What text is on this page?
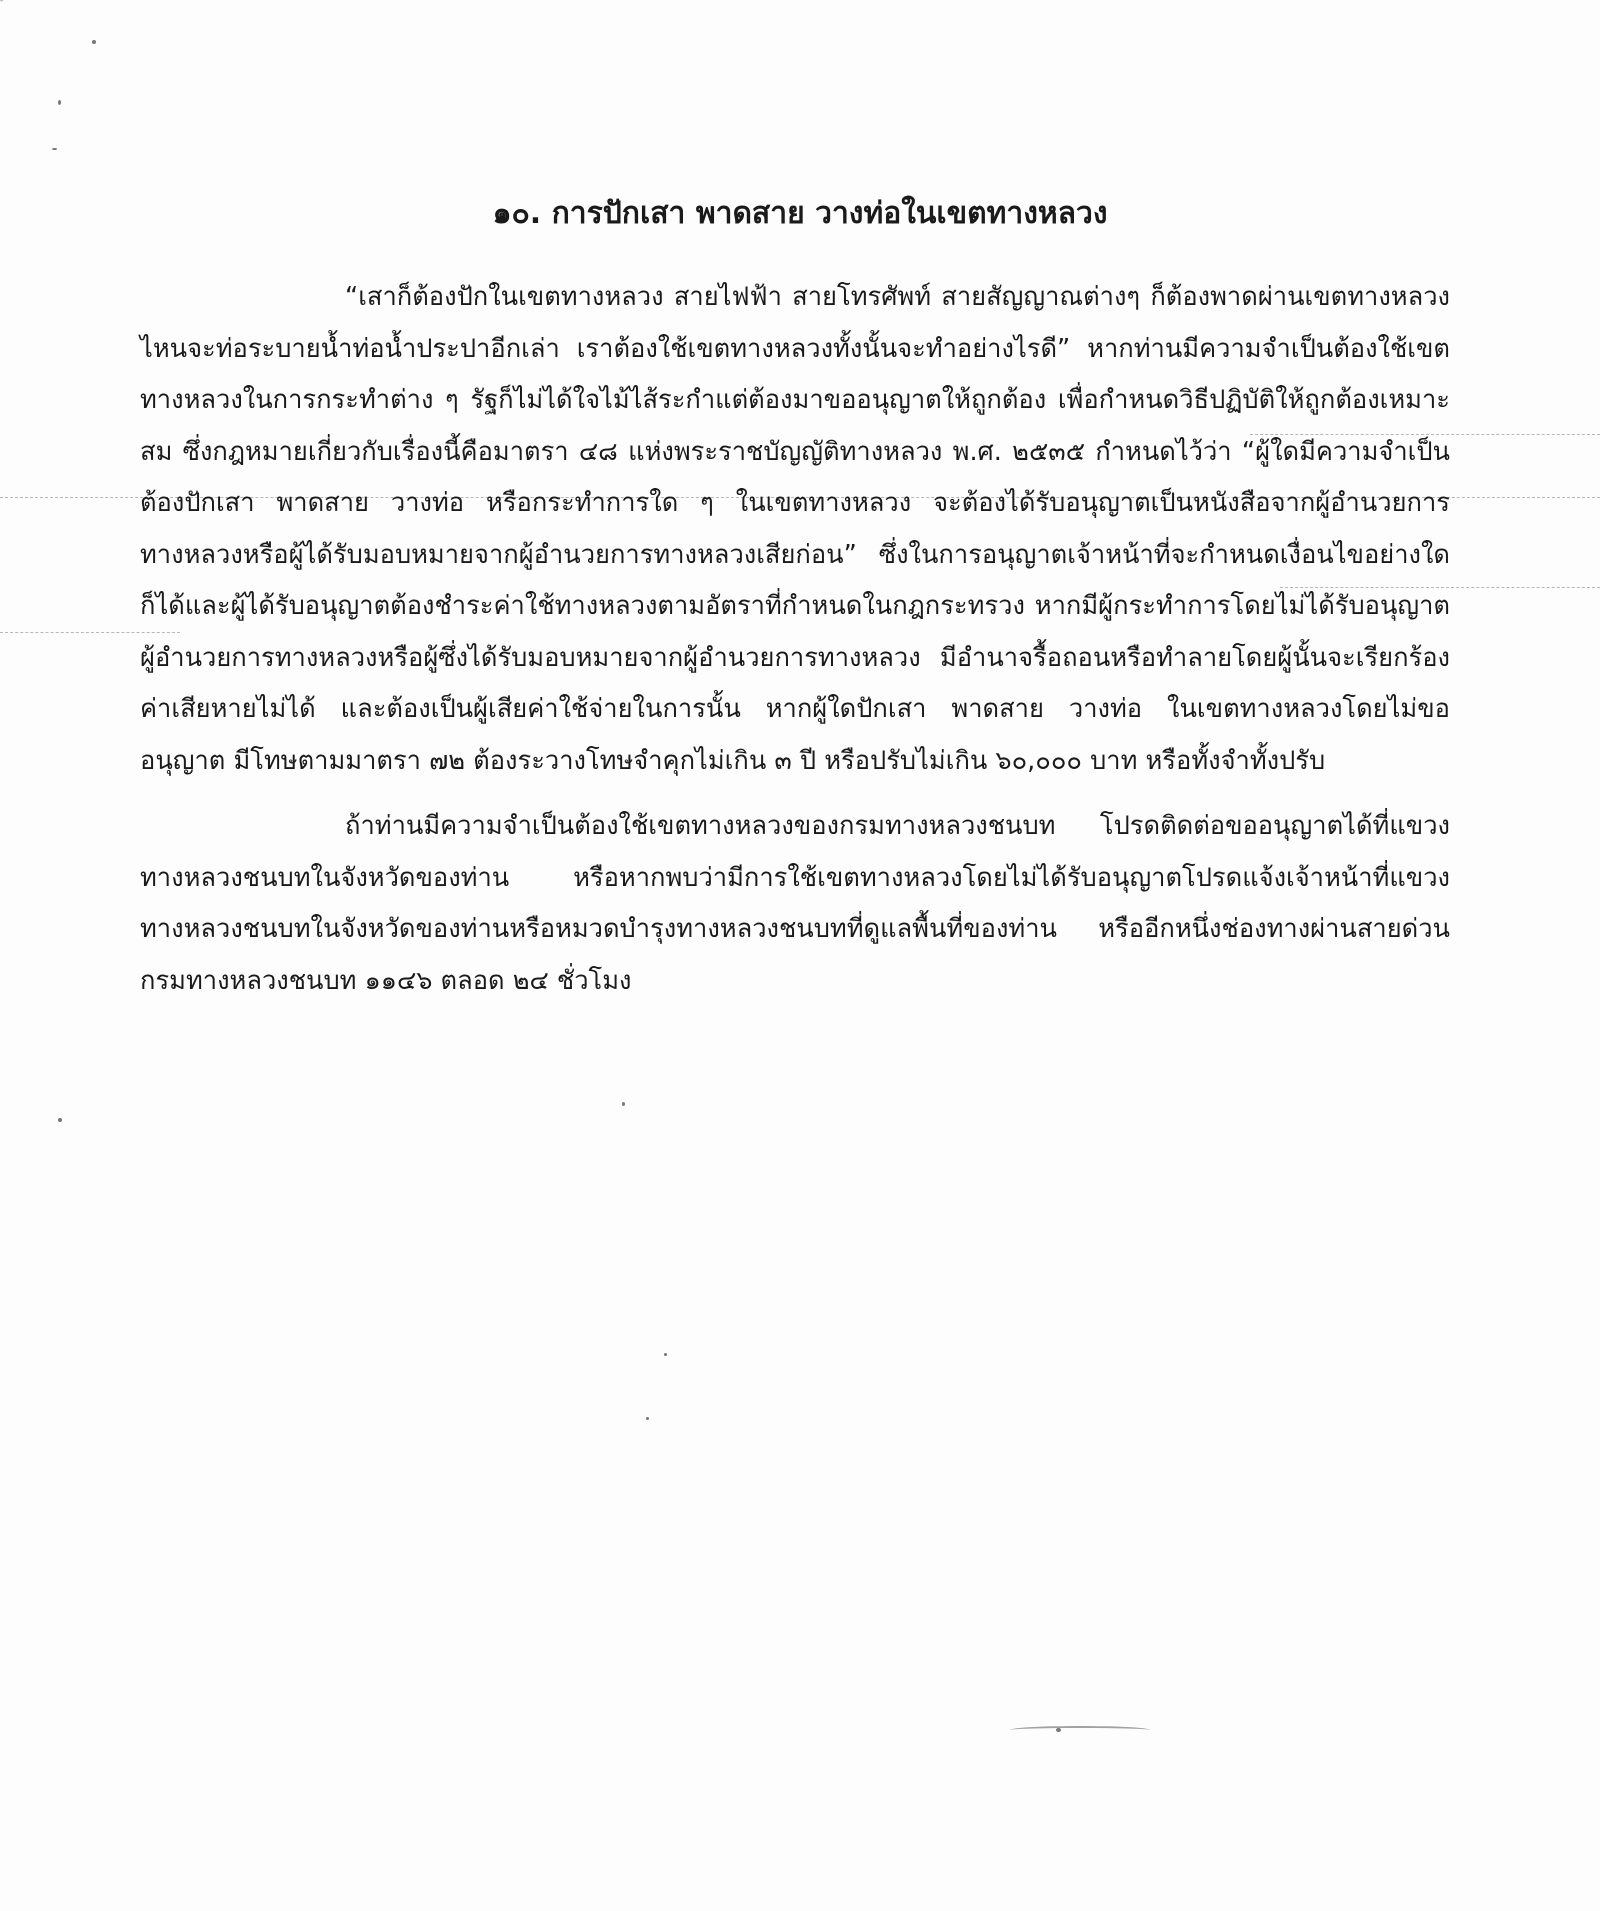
๑๐. การปักเสา พาดสาย วางท่อในเขตทางหลวง

“เสาก็ต้องปักในเขตทางหลวง สายไฟฟ้า สายโทรศัพท์ สายสัญญาณต่างๆ ก็ต้องพาดผ่านเขตทางหลวง ไหนจะท่อระบายน้ำท่อน้ำประปาอีกเล่า เราต้องใช้เขตทางหลวงทั้งนั้นจะทำอย่างไรดี” หากท่านมีความจำเป็นต้องใช้เขตทางหลวงในการกระทำต่าง ๆ รัฐก็ไม่ได้ใจไม้ไส้ระกำแต่ต้องมาขออนุญาตให้ถูกต้อง เพื่อกำหนดวิธีปฏิบัติให้ถูกต้องเหมาะสม ซึ่งกฎหมายเกี่ยวกับเรื่องนี้คือมาตรา ๔๘ แห่งพระราชบัญญัติทางหลวง พ.ศ. ๒๕๓๕ กำหนดไว้ว่า “ผู้ใดมีความจำเป็นต้องปักเสา พาดสาย วางท่อ หรือกระทำการใด ๆ ในเขตทางหลวง จะต้องได้รับอนุญาตเป็นหนังสือจากผู้อำนวยการทางหลวงหรือผู้ได้รับมอบหมายจากผู้อำนวยการทางหลวงเสียก่อน” ซึ่งในการอนุญาตเจ้าหน้าที่จะกำหนดเงื่อนไขอย่างใดก็ได้และผู้ได้รับอนุญาตต้องชำระค่าใช้ทางหลวงตามอัตราที่กำหนดในกฎกระทรวง หากมีผู้กระทำการโดยไม่ได้รับอนุญาต ผู้อำนวยการทางหลวงหรือผู้ซึ่งได้รับมอบหมายจากผู้อำนวยการทางหลวง มีอำนาจรื้อถอนหรือทำลายโดยผู้นั้นจะเรียกร้องค่าเสียหายไม่ได้ และต้องเป็นผู้เสียค่าใช้จ่ายในการนั้น หากผู้ใดปักเสา พาดสาย วางท่อ ในเขตทางหลวงโดยไม่ขออนุญาต มีโทษตามมาตรา ๗๒ ต้องระวางโทษจำคุกไม่เกิน ๓ ปี หรือปรับไม่เกิน ๖๐,๐๐๐ บาท หรือทั้งจำทั้งปรับ

ถ้าท่านมีความจำเป็นต้องใช้เขตทางหลวงของกรมทางหลวงชนบท โปรดติดต่อขออนุญาตได้ที่แขวงทางหลวงชนบทในจังหวัดของท่าน หรือหากพบว่ามีการใช้เขตทางหลวงโดยไม่ได้รับอนุญาตโปรดแจ้งเจ้าหน้าที่แขวงทางหลวงชนบทในจังหวัดของท่านหรือหมวดบำรุงทางหลวงชนบทที่ดูแลพื้นที่ของท่าน หรืออีกหนึ่งช่องทางผ่านสายด่วนกรมทางหลวงชนบท ๑๑๔๖ ตลอด ๒๔ ชั่วโมง
